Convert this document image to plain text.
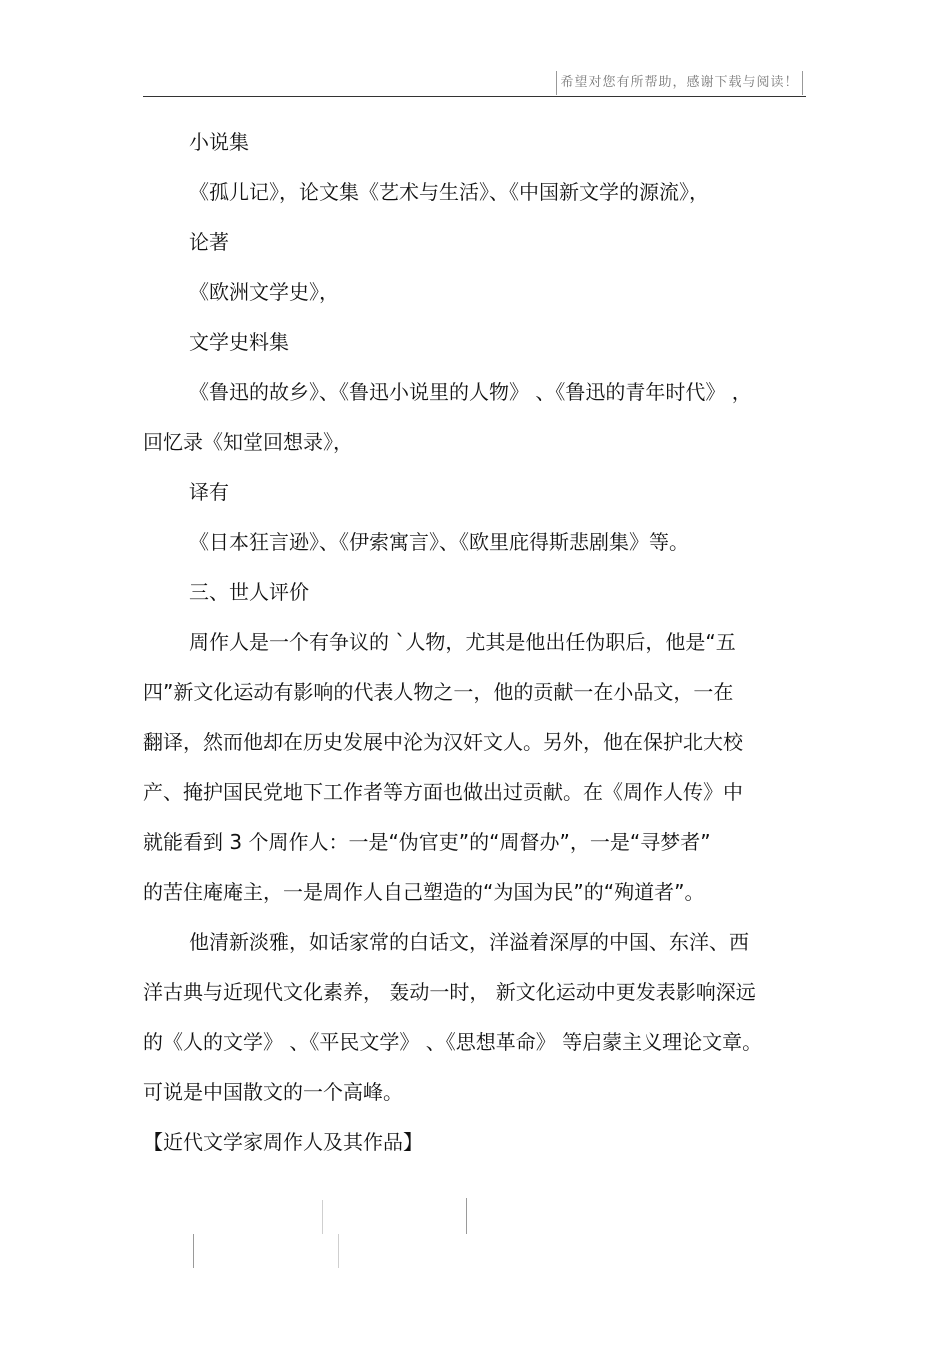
希望对您有所帮助，感谢下载与阅读！
小说集
《孤儿记》，论文集《艺术与生活》、《中国新文学的源流》，
论著
《欧洲文学史》，
文学史料集
《鲁迅的故乡》、《鲁迅小说里的人物》 、《鲁迅的青年时代》 ，
回忆录《知堂回想录》，
译有
《日本狂言逊》、《伊索寓言》、《欧里庇得斯悲剧集》等。
三、世人评价
周作人是一个有争议的 `人物，尤其是他出任伪职后，他是“五
四”新文化运动有影响的代表人物之一，他的贡献一在小品文，一在
翻译，然而他却在历史发展中沦为汉奸文人。另外，他在保护北大校
产、掩护国民党地下工作者等方面也做出过贡献。在《周作人传》中
就能看到 3 个周作人：一是“伪官吏”的“周督办”，一是“寻梦者”
的苦住庵庵主，一是周作人自己塑造的“为国为民”的“殉道者”。
他清新淡雅，如话家常的白话文，洋溢着深厚的中国、东洋、西
洋古典与近现代文化素养， 轰动一时， 新文化运动中更发表影响深远
的《人的文学》 、《平民文学》 、《思想革命》 等启蒙主义理论文章。
可说是中国散文的一个高峰。
【近代文学家周作人及其作品】
